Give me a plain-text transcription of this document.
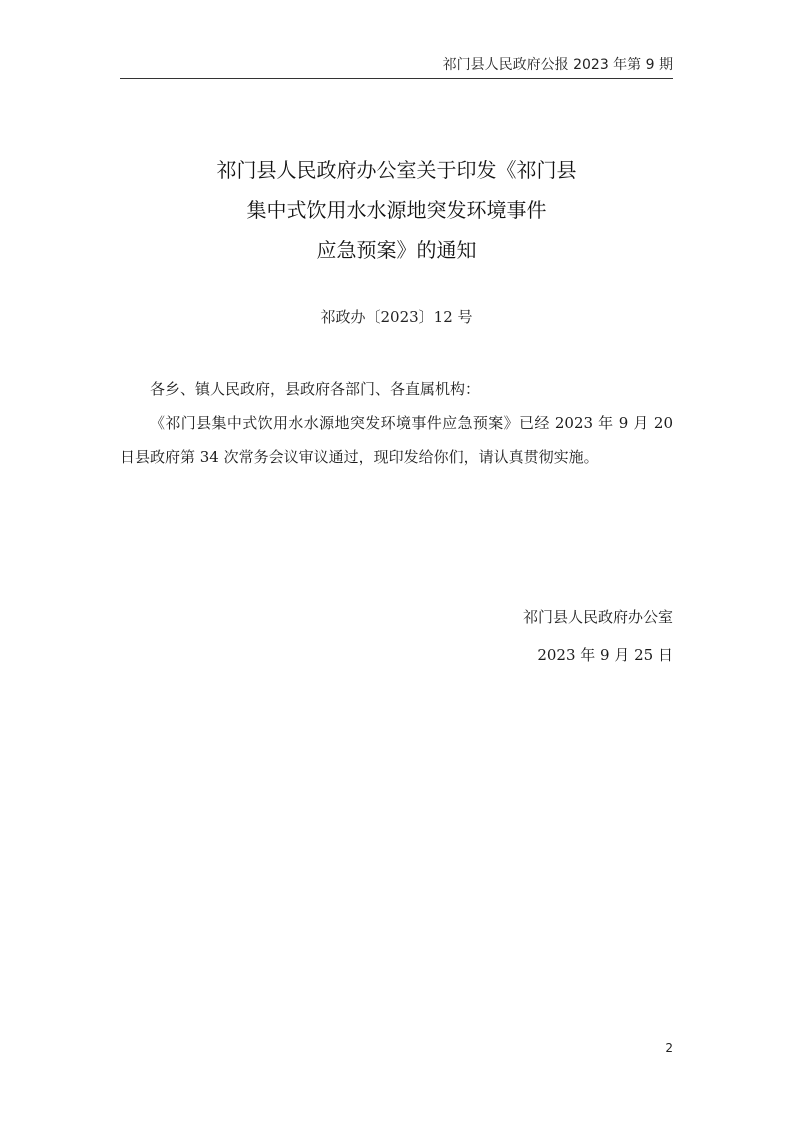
祁门县人民政府公报 2023 年第 9 期
祁门县人民政府办公室关于印发《祁门县
集中式饮用水水源地突发环境事件
应急预案》的通知
祁政办〔2023〕12 号

各乡、镇人民政府，县政府各部门、各直属机构：

《祁门县集中式饮用水水源地突发环境事件应急预案》已经 2023 年 9 月 20 日县政府第 34 次常务会议审议通过，现印发给你们，请认真贯彻实施。

祁门县人民政府办公室
2023 年 9 月 25 日
2
